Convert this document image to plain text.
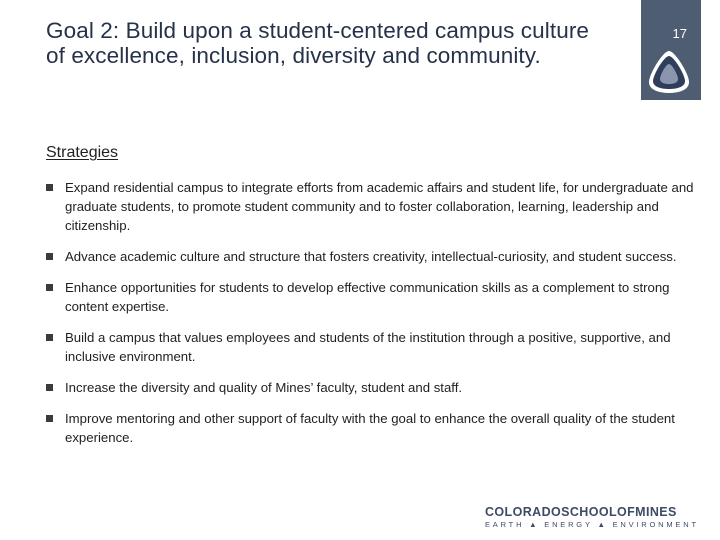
Goal 2: Build upon a student-centered campus culture of excellence, inclusion, diversity and community.
17
Strategies
Expand residential campus to integrate efforts from academic affairs and student life, for undergraduate and graduate students, to promote student community and to foster collaboration, learning, leadership and citizenship.
Advance academic culture and structure that fosters creativity, intellectual-curiosity, and student success.
Enhance opportunities for students to develop effective communication skills as a complement to strong content expertise.
Build a campus that values employees and students of the institution through a positive, supportive, and inclusive environment.
Increase the diversity and quality of Mines’ faculty, student and staff.
Improve mentoring and other support of faculty with the goal to enhance the overall quality of the student experience.
COLORADOSCHOOLOFMINES
EARTH ▲ ENERGY ▲ ENVIRONMENT
